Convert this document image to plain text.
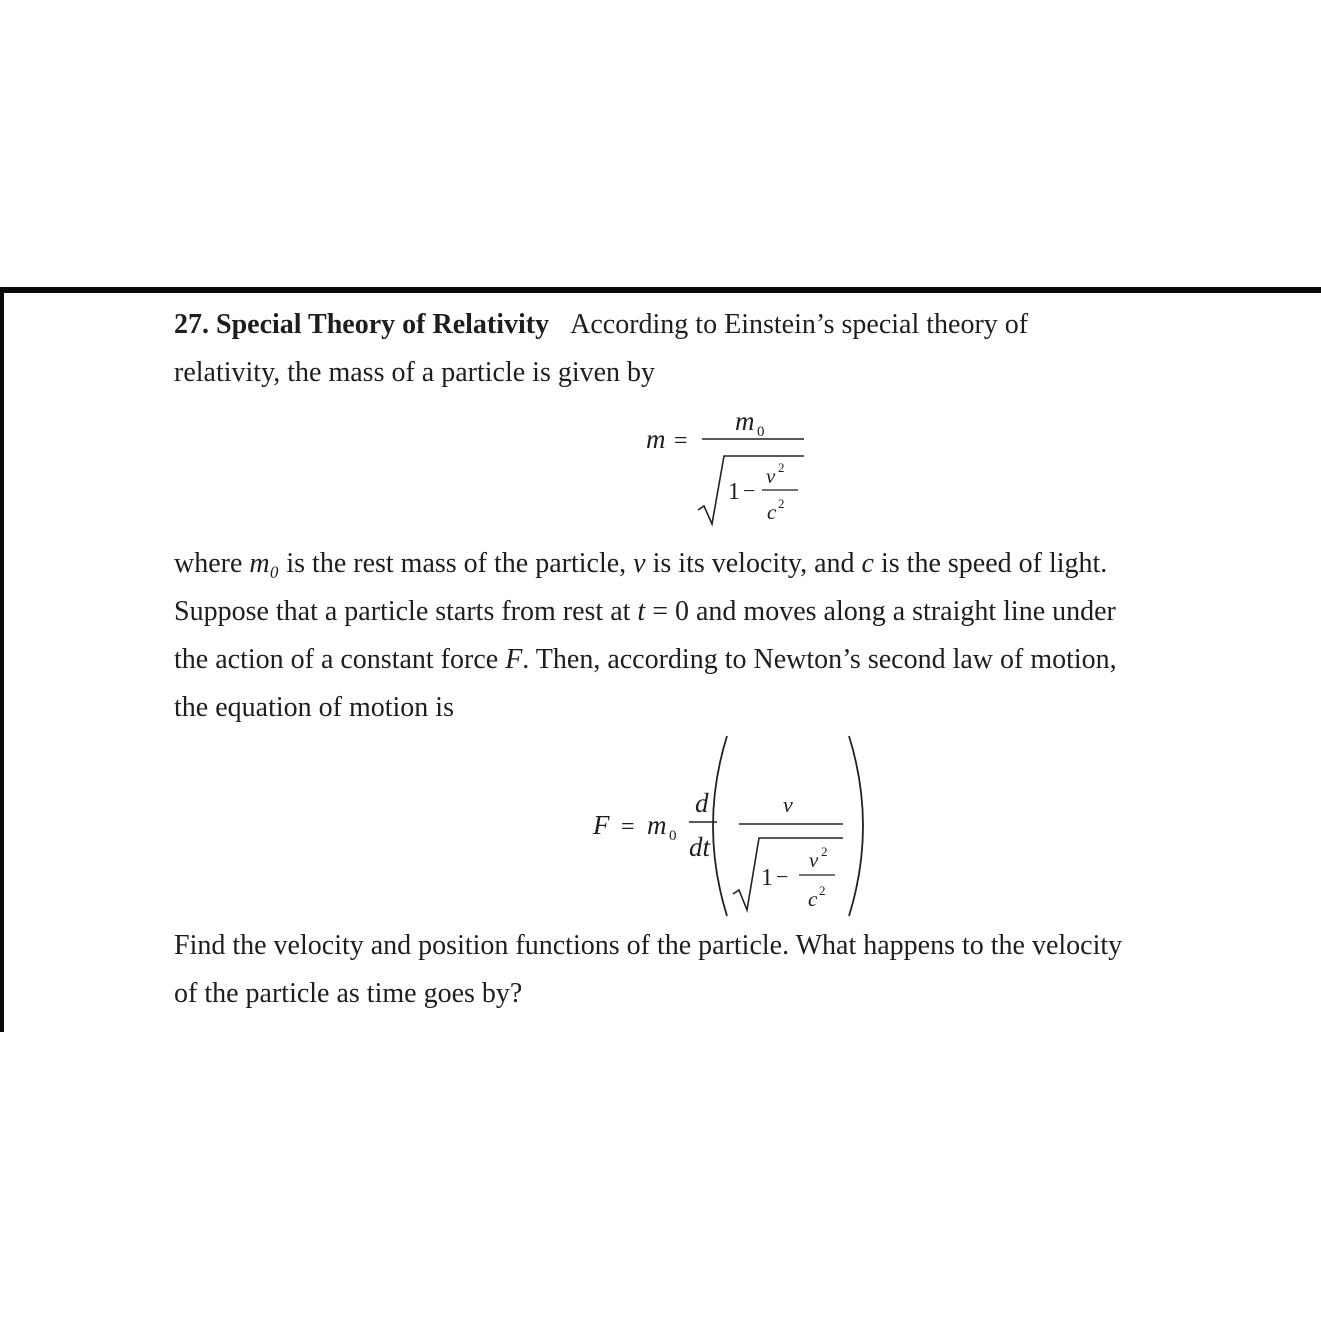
27. Special Theory of Relativity According to Einstein’s special theory of
relativity, the mass of a particle is given by

m =
m 0
1 −
v 2
c 2

where m₀ is the rest mass of the particle, v is its velocity, and c is the speed of light.
Suppose that a particle starts from rest at t = 0 and moves along a straight line under
the action of a constant force F. Then, according to Newton’s second law of motion,
the equation of motion is

F = m 0
d
dt
v
1 −
v 2
c 2

Find the velocity and position functions of the particle. What happens to the velocity
of the particle as time goes by?
